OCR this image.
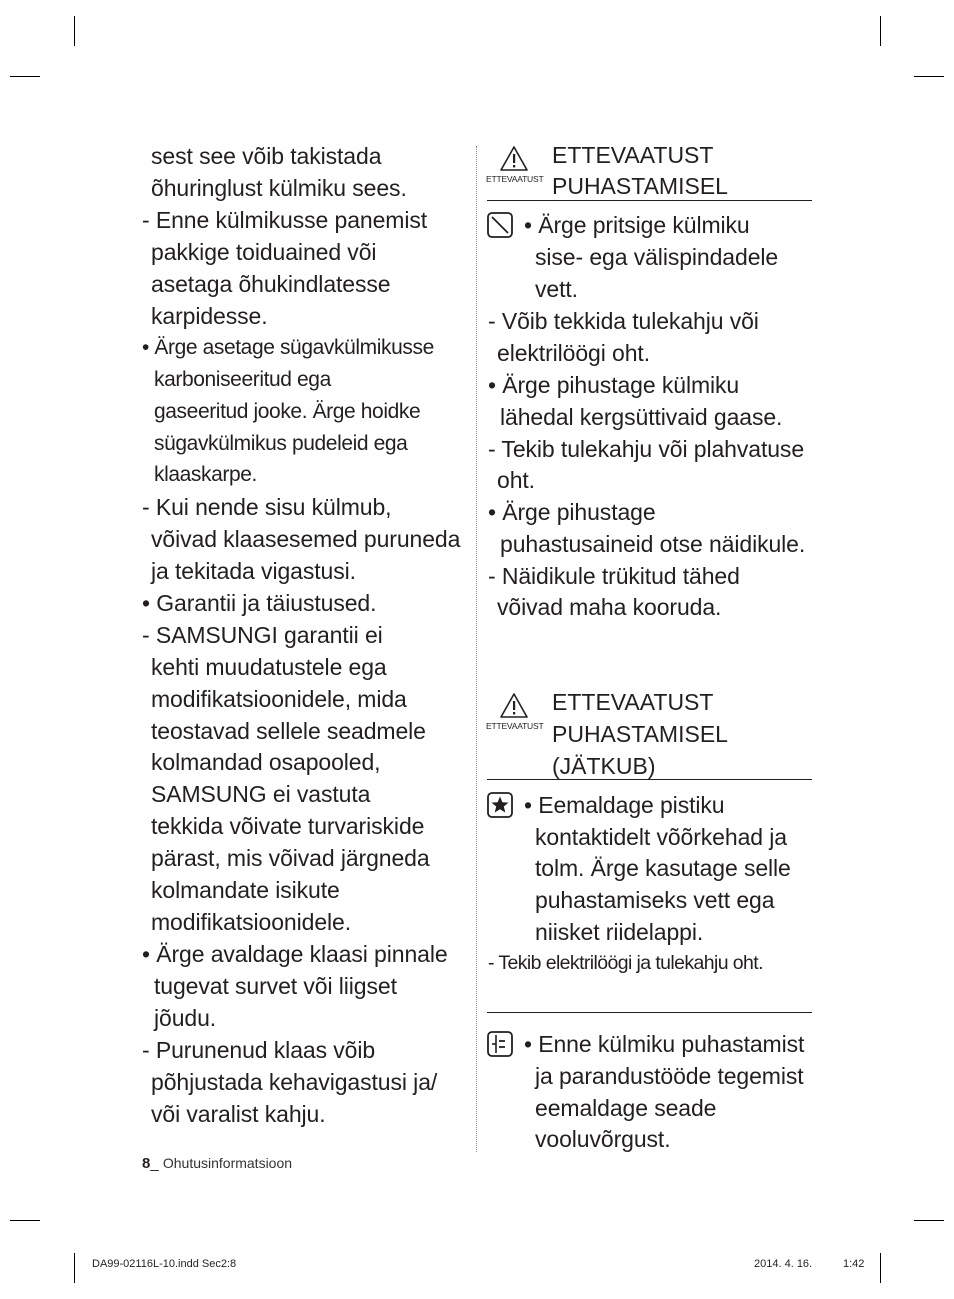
sest see võib takistada
õhuringlust külmiku sees.
- Enne külmikusse panemist
pakkige toiduained või
asetaga õhukindlatesse
karpidesse.
• Ärge asetage sügavkülmikusse
karboniseeritud ega
gaseeritud jooke. Ärge hoidke
sügavkülmikus pudeleid ega
klaaskarpe.
- Kui nende sisu külmub,
võivad klaasesemed puruneda
ja tekitada vigastusi.
• Garantii ja täiustused.
- SAMSUNGI garantii ei
kehti muudatustele ega
modifikatsioonidele, mida
teostavad sellele seadmele
kolmandad osapooled,
SAMSUNG ei vastuta
tekkida võivate turvariskide
pärast, mis võivad järgneda
kolmandate isikute
modifikatsioonidele.
• Ärge avaldage klaasi pinnale
tugevat survet või liigset
jõudu.
- Purunenud klaas võib
põhjustada kehavigastusi ja/
või varalist kahju.
ETTEVAATUST
ETTEVAATUST
PUHASTAMISEL
• Ärge pritsige külmiku
sise- ega välispindadele
vett.
- Võib tekkida tulekahju või
elektrilöögi oht.
• Ärge pihustage külmiku
lähedal kergsüttivaid gaase.
- Tekib tulekahju või plahvatuse
oht.
• Ärge pihustage
puhastusaineid otse näidikule.
- Näidikule trükitud tähed
võivad maha kooruda.
ETTEVAATUST
ETTEVAATUST
PUHASTAMISEL
(JÄTKUB)
• Eemaldage pistiku
kontaktidelt võõrkehad ja
tolm. Ärge kasutage selle
puhastamiseks vett ega
niisket riidelappi.
- Tekib elektrilöögi ja tulekahju oht.
• Enne külmiku puhastamist
ja parandustööde tegemist
eemaldage seade
vooluvõrgust.
8_ Ohutusinformatsioon
DA99-02116L-10.indd Sec2:8	2014. 4. 16.	1:42
